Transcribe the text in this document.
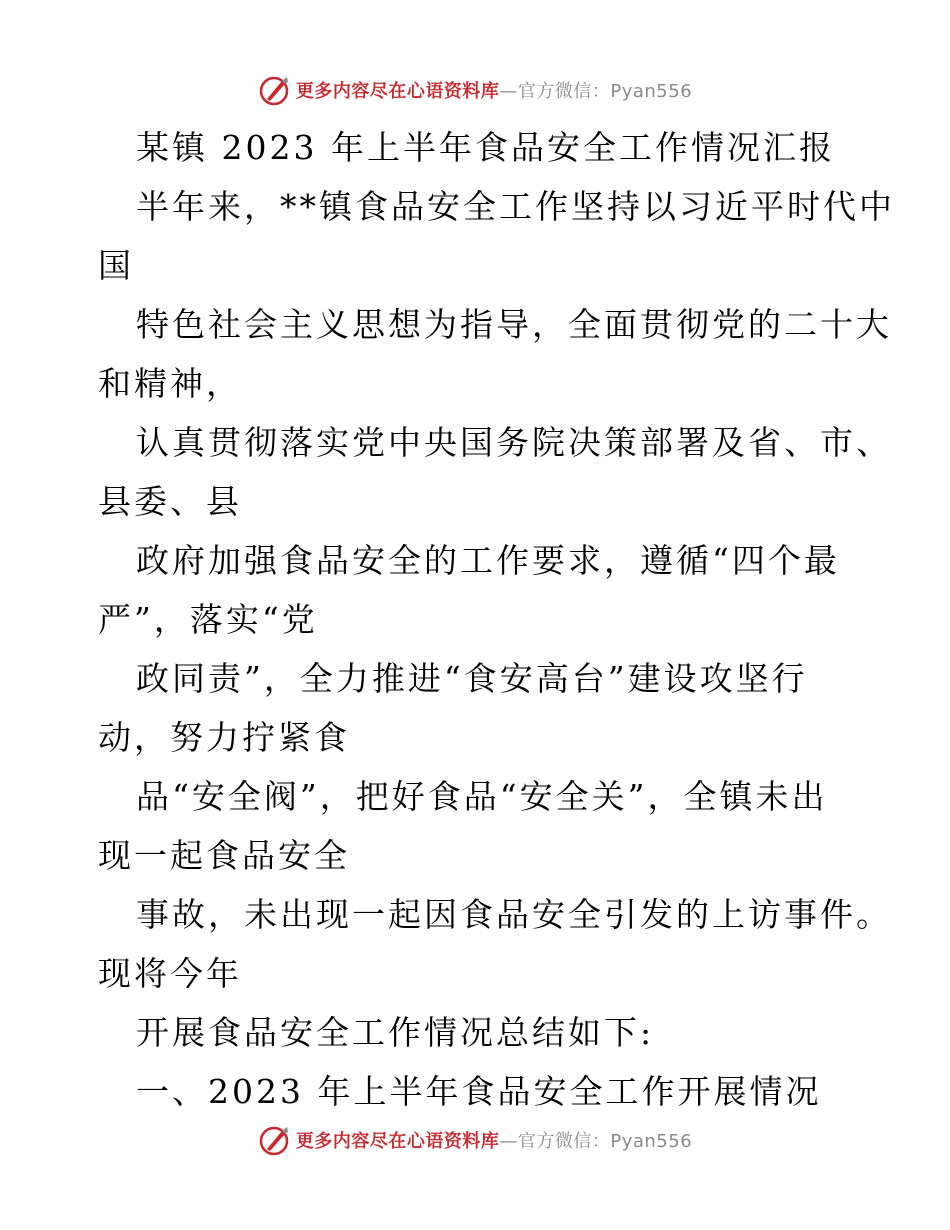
更多内容尽在心语资料库 —官方微信：Pyan556
某镇 2023 年上半年食品安全工作情况汇报
半年来，**镇食品安全工作坚持以习近平时代中
国
特色社会主义思想为指导，全面贯彻党的二十大
和精神，
认真贯彻落实党中央国务院决策部署及省、市、
县委、县
政府加强食品安全的工作要求，遵循“四个最
严”，落实“党
政同责”，全力推进“食安高台”建设攻坚行
动，努力拧紧食
品“安全阀”，把好食品“安全关”，全镇未出
现一起食品安全
事故，未出现一起因食品安全引发的上访事件。
现将今年
开展食品安全工作情况总结如下:
一、2023 年上半年食品安全工作开展情况
更多内容尽在心语资料库 —官方微信：Pyan556
